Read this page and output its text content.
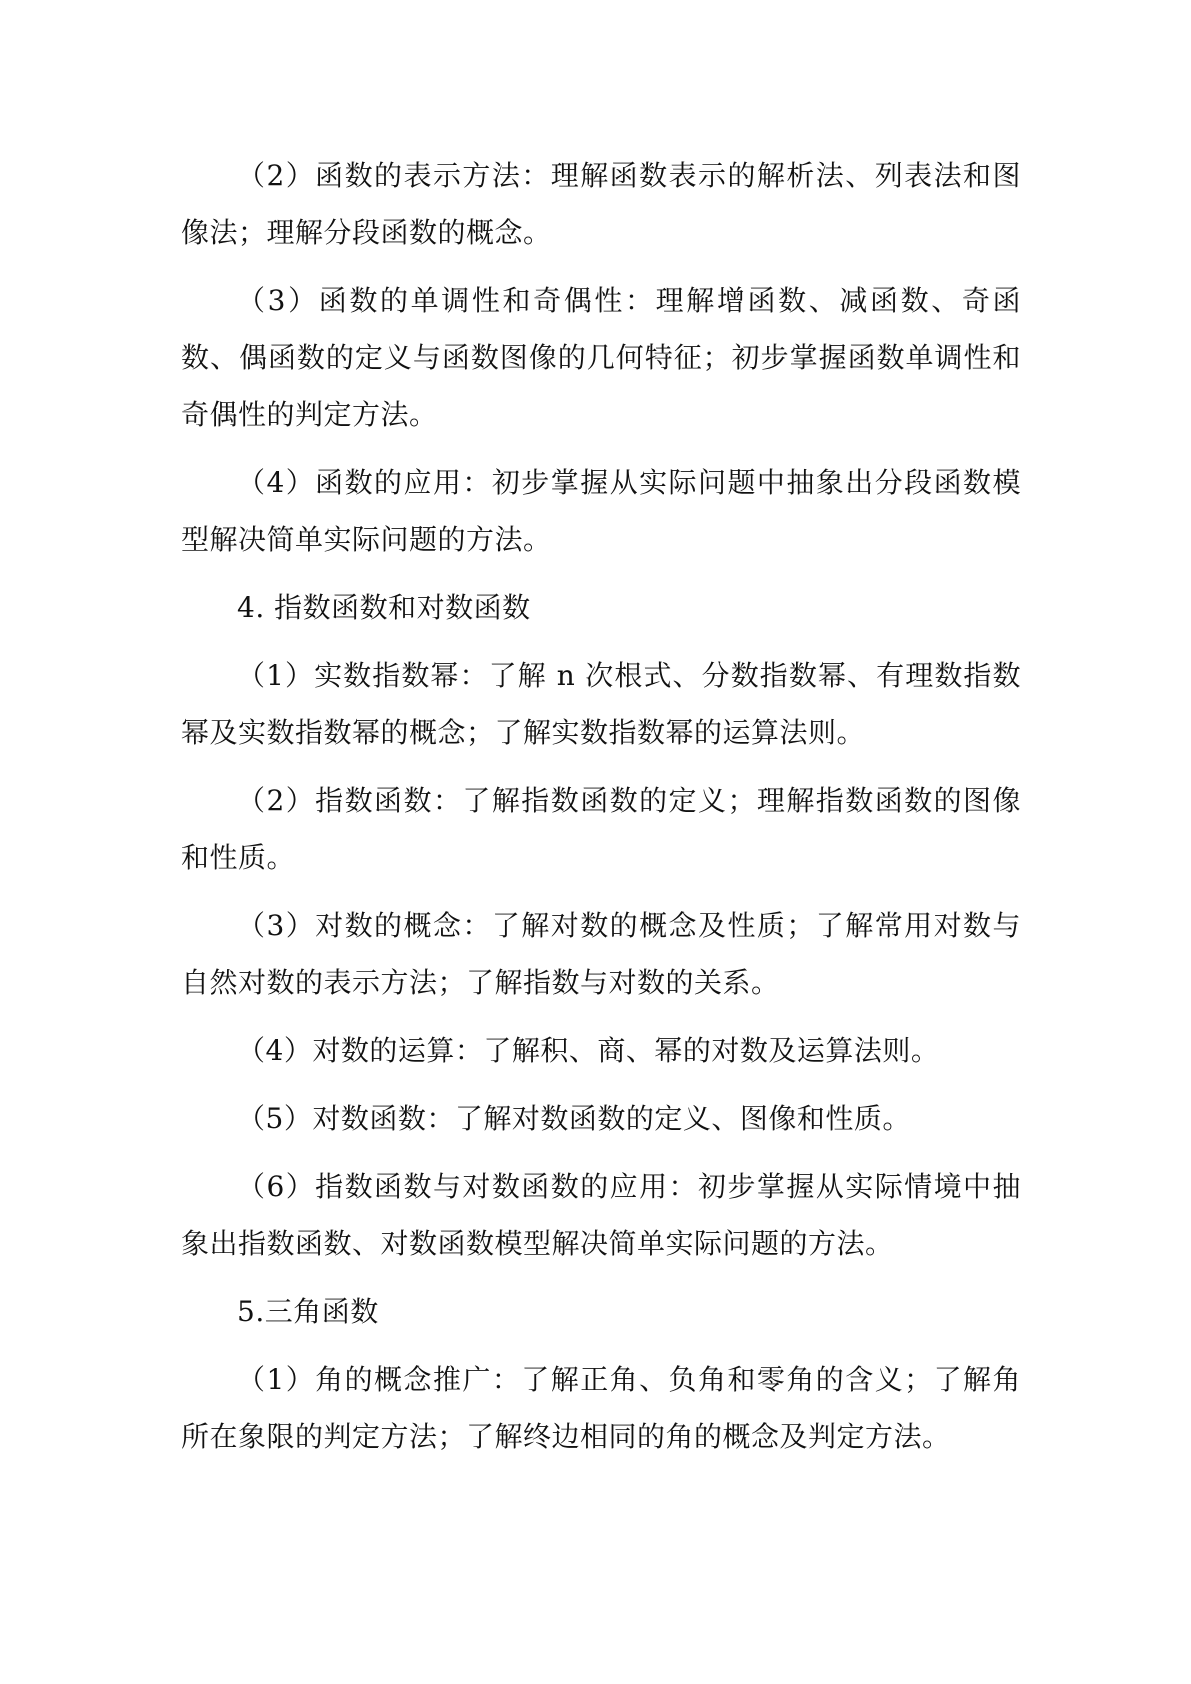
（2）函数的表示方法：理解函数表示的解析法、列表法和图像法；理解分段函数的概念。

（3）函数的单调性和奇偶性：理解增函数、减函数、奇函数、偶函数的定义与函数图像的几何特征；初步掌握函数单调性和奇偶性的判定方法。

（4）函数的应用：初步掌握从实际问题中抽象出分段函数模型解决简单实际问题的方法。

4. 指数函数和对数函数

（1）实数指数幂：了解 n 次根式、分数指数幂、有理数指数幂及实数指数幂的概念；了解实数指数幂的运算法则。

（2）指数函数：了解指数函数的定义；理解指数函数的图像和性质。

（3）对数的概念：了解对数的概念及性质；了解常用对数与自然对数的表示方法；了解指数与对数的关系。

（4）对数的运算：了解积、商、幂的对数及运算法则。

（5）对数函数：了解对数函数的定义、图像和性质。

（6）指数函数与对数函数的应用：初步掌握从实际情境中抽象出指数函数、对数函数模型解决简单实际问题的方法。

5.三角函数

（1）角的概念推广：了解正角、负角和零角的含义；了解角所在象限的判定方法；了解终边相同的角的概念及判定方法。
